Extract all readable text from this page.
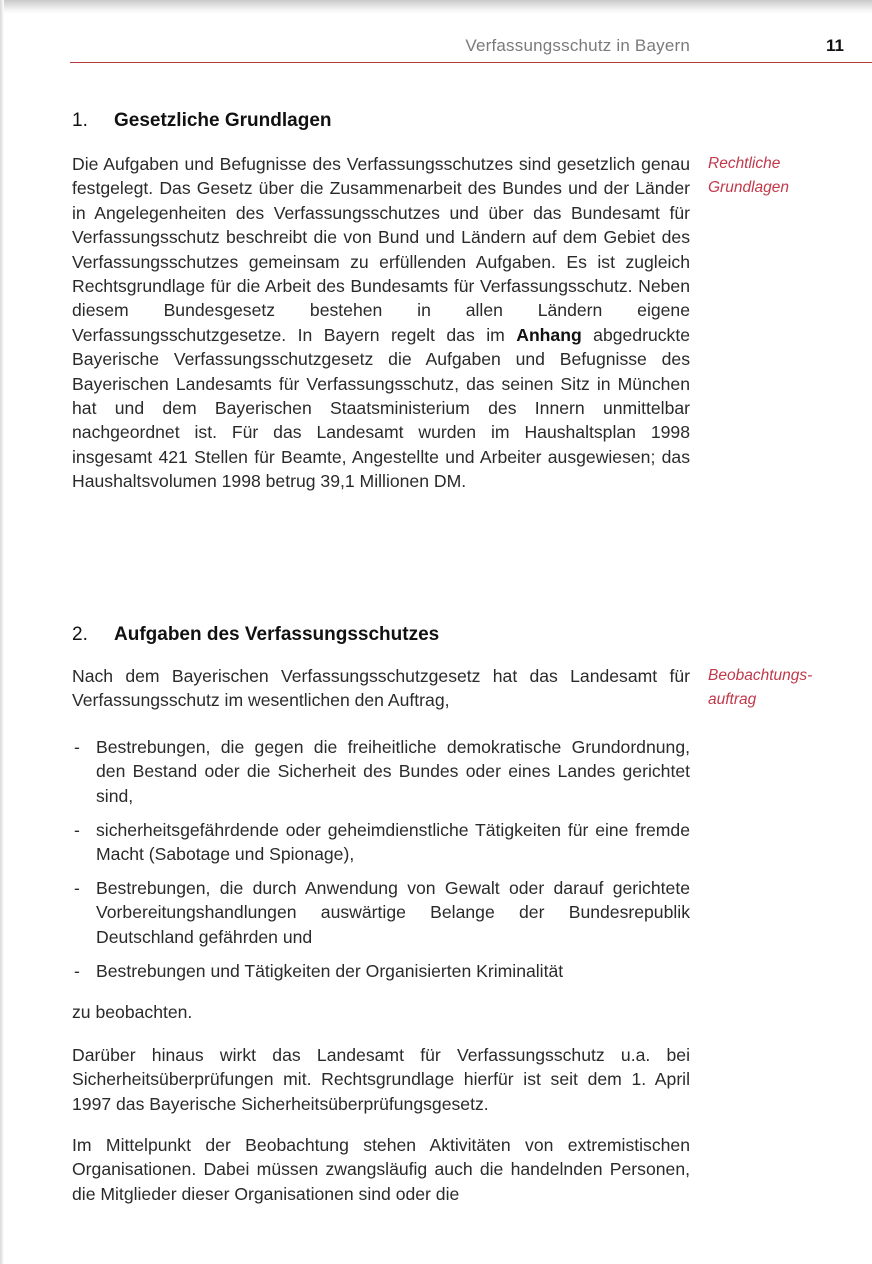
Verfassungsschutz in Bayern	11
1. Gesetzliche Grundlagen

Die Aufgaben und Befugnisse des Verfassungsschutzes sind gesetzlich genau festgelegt. Das Gesetz über die Zusammenarbeit des Bundes und der Länder in Angelegenheiten des Verfassungsschutzes und über das Bundesamt für Verfassungsschutz beschreibt die von Bund und Ländern auf dem Gebiet des Verfassungsschutzes gemeinsam zu erfüllenden Aufgaben. Es ist zugleich Rechtsgrundlage für die Arbeit des Bundesamts für Verfassungsschutz. Neben diesem Bundesgesetz bestehen in allen Ländern eigene Verfassungsschutzgesetze. In Bayern regelt das im Anhang abgedruckte Bayerische Verfassungsschutzgesetz die Aufgaben und Befugnisse des Bayerischen Landesamts für Verfassungsschutz, das seinen Sitz in München hat und dem Bayerischen Staatsministerium des Innern unmittelbar nachgeordnet ist. Für das Landesamt wurden im Haushaltsplan 1998 insgesamt 421 Stellen für Beamte, Angestellte und Arbeiter ausgewiesen; das Haushaltsvolumen 1998 betrug 39,1 Millionen DM.

Rechtliche
Grundlagen
2. Aufgaben des Verfassungsschutzes

Nach dem Bayerischen Verfassungsschutzgesetz hat das Landesamt für Verfassungsschutz im wesentlichen den Auftrag,

Beobachtungs-
auftrag
- Bestrebungen, die gegen die freiheitliche demokratische Grundordnung, den Bestand oder die Sicherheit des Bundes oder eines Landes gerichtet sind,
- sicherheitsgefährdende oder geheimdienstliche Tätigkeiten für eine fremde Macht (Sabotage und Spionage),
- Bestrebungen, die durch Anwendung von Gewalt oder darauf gerichtete Vorbereitungshandlungen auswärtige Belange der Bundesrepublik Deutschland gefährden und
- Bestrebungen und Tätigkeiten der Organisierten Kriminalität

zu beobachten.

Darüber hinaus wirkt das Landesamt für Verfassungsschutz u.a. bei Sicherheitsüberprüfungen mit. Rechtsgrundlage hierfür ist seit dem 1. April 1997 das Bayerische Sicherheitsüberprüfungsgesetz.

Im Mittelpunkt der Beobachtung stehen Aktivitäten von extremistischen Organisationen. Dabei müssen zwangsläufig auch die handelnden Personen, die Mitglieder dieser Organisationen sind oder die
